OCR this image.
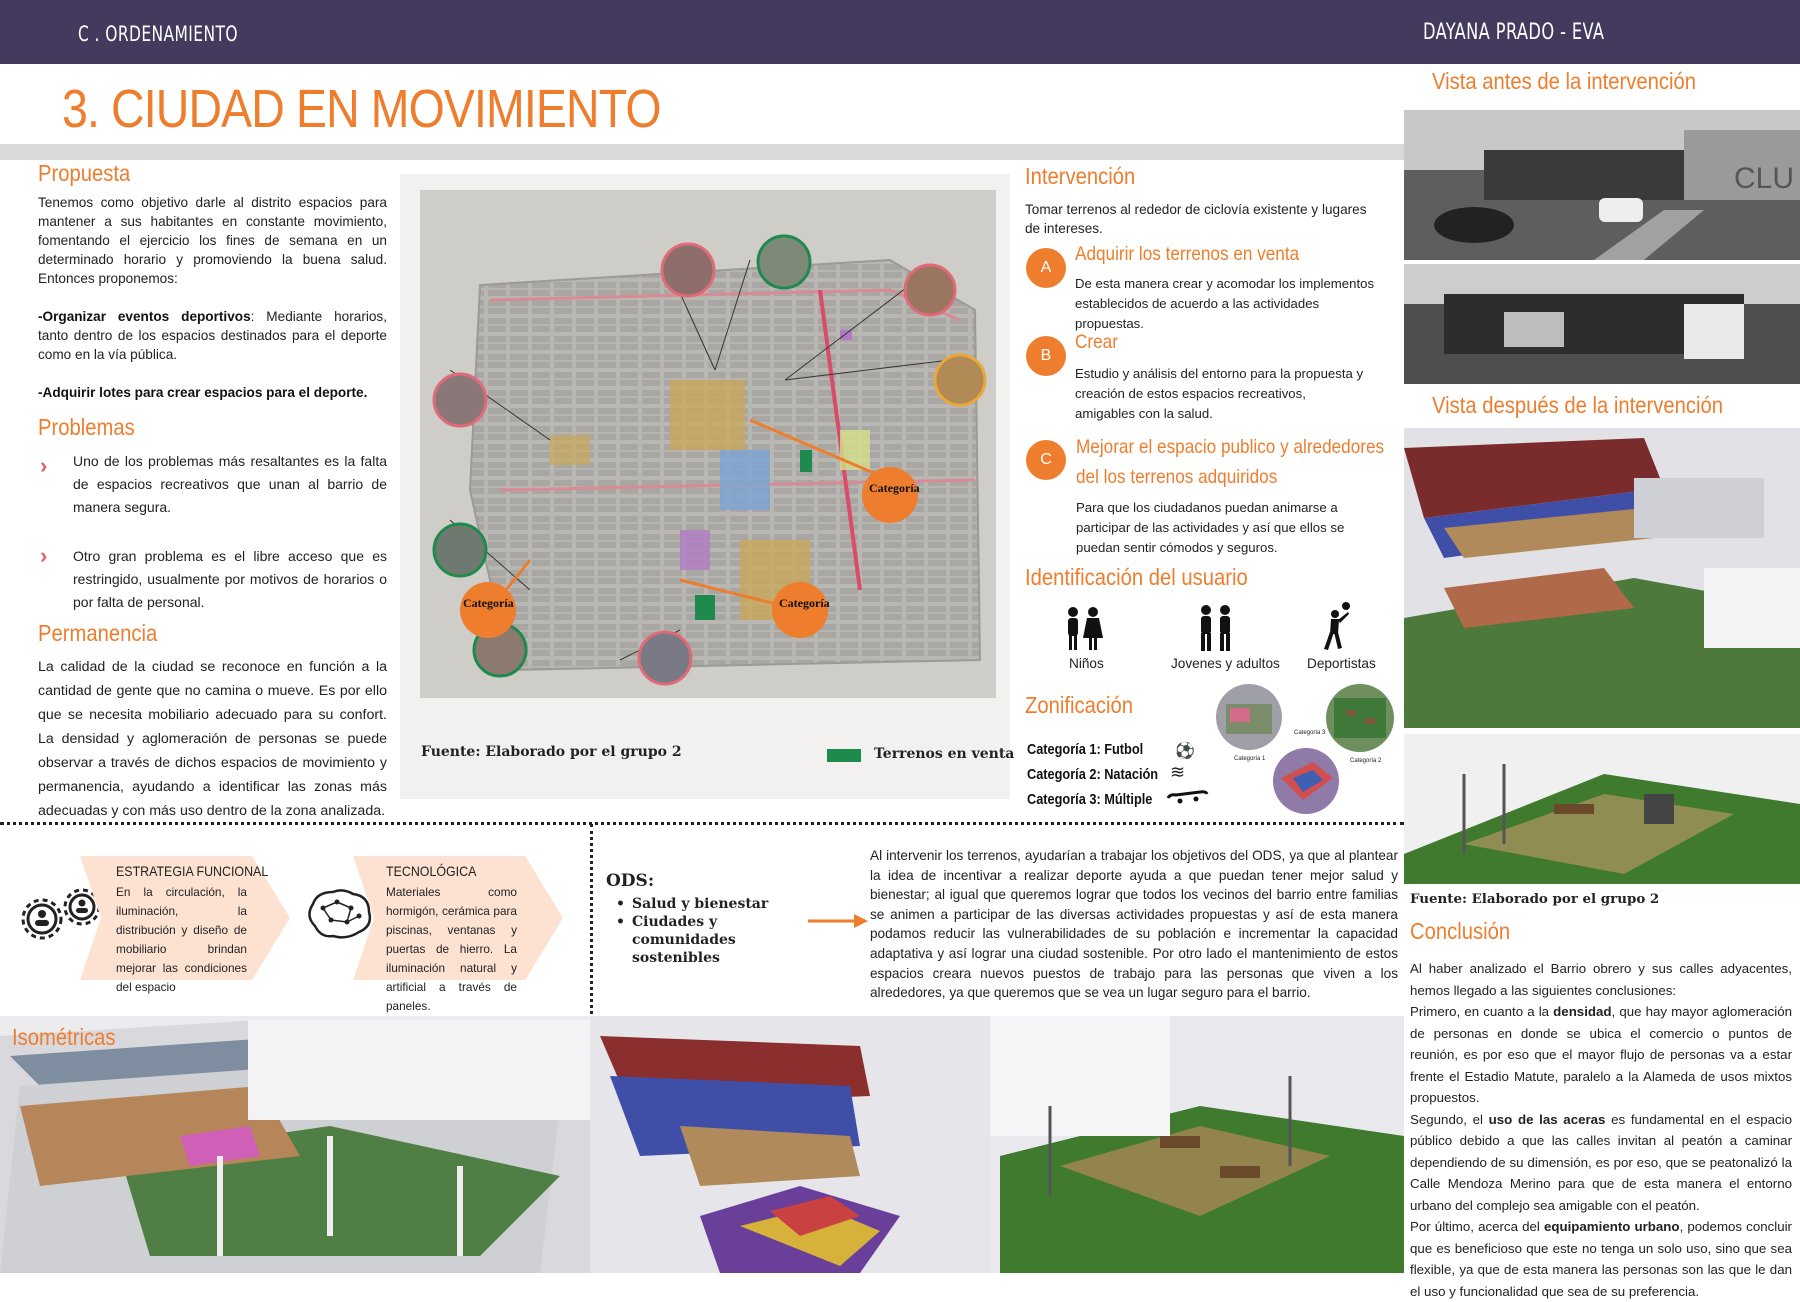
C . ORDENAMIENTO	DAYANA PRADO - EVA
3. CIUDAD EN MOVIMIENTO
Propuesta
Tenemos como objetivo darle al distrito espacios para mantener a sus habitantes en constante movimiento, fomentando el ejercicio los fines de semana en un determinado horario y promoviendo la buena salud. Entonces proponemos:

-Organizar eventos deportivos: Mediante horarios, tanto dentro de los espacios destinados para el deporte como en la vía pública.

-Adquirir lotes para crear espacios para el deporte.
Problemas
› Uno de los problemas más resaltantes es la falta de espacios recreativos que unan al barrio de manera segura.
› Otro gran problema es el libre acceso que es restringido, usualmente por motivos de horarios o por falta de personal.
Permanencia
La calidad de la ciudad se reconoce en función a la cantidad de gente que no camina o mueve. Es por ello que se necesita mobiliario adecuado para su confort. La densidad y aglomeración de personas se puede observar a través de dichos espacios de movimiento y permanencia, ayudando a identificar las zonas más adecuadas y con más uso dentro de la zona analizada.
Categoría
Categoría
Categoría
Fuente: Elaborado por el grupo 2	Terrenos en venta
Intervención
Tomar terrenos al rededor de ciclovía existente y lugares de intereses.
A
Adquirir los terrenos en venta
De esta manera crear y acomodar los implementos establecidos de acuerdo a las actividades propuestas.
B
Crear
Estudio y análisis del entorno para la propuesta y creación de estos espacios recreativos, amigables con la salud.
C
Mejorar el espacio publico y alrededores
del los terrenos adquiridos
Para que los ciudadanos puedan animarse a participar de las actividades y así que ellos se puedan sentir cómodos y seguros.
Identificación del usuario
Niños	Jovenes y adultos Deportistas
Zonificación
Categoría 1: Futbol ⚽
Categoría 2: Natación ≋
Categoría 3: Múltiple
Categoría 1	Categoría 2
Categoría 3
Vista antes de la intervención
CLU
Vista después de la intervención
Fuente: Elaborado por el grupo 2
Conclusión
Al haber analizado el Barrio obrero y sus calles adyacentes, hemos llegado a las siguientes conclusiones:
Primero, en cuanto a la densidad, que hay mayor aglomeración de personas en donde se ubica el comercio o puntos de reunión, es por eso que el mayor flujo de personas va a estar frente el Estadio Matute, paralelo a la Alameda de usos mixtos propuestos.
Segundo, el uso de las aceras es fundamental en el espacio público debido a que las calles invitan al peatón a caminar dependiendo de su dimensión, es por eso, que se peatonalizó la Calle Mendoza Merino para que de esta manera el entorno urbano del complejo sea amigable con el peatón.
Por último, acerca del equipamiento urbano, podemos concluir que es beneficioso que este no tenga un solo uso, sino que sea flexible, ya que de esta manera las personas son las que le dan el uso y funcionalidad que sea de su preferencia.
ESTRATEGIA FUNCIONAL
En la circulación, la iluminación, la distribución y diseño de mobiliario brindan mejorar las condiciones del espacio
TECNOLÓGICA
Materiales como hormigón, cerámica para piscinas, ventanas y puertas de hierro. La iluminación natural y artificial a través de paneles.
ODS:
• Salud y bienestar
• Ciudades y comunidades sostenibles
Al intervenir los terrenos, ayudarían a trabajar los objetivos del ODS, ya que al plantear la idea de incentivar a realizar deporte ayuda a que puedan tener mejor salud y bienestar; al igual que queremos lograr que todos los vecinos del barrio entre familias se animen a participar de las diversas actividades propuestas y así de esta manera podamos reducir las vulnerabilidades de su población e incrementar la capacidad adaptativa y así lograr una ciudad sostenible. Por otro lado el mantenimiento de estos espacios creara nuevos puestos de trabajo para las personas que viven a los alrededores, ya que queremos que se vea un lugar seguro para el barrio.
Isométricas
